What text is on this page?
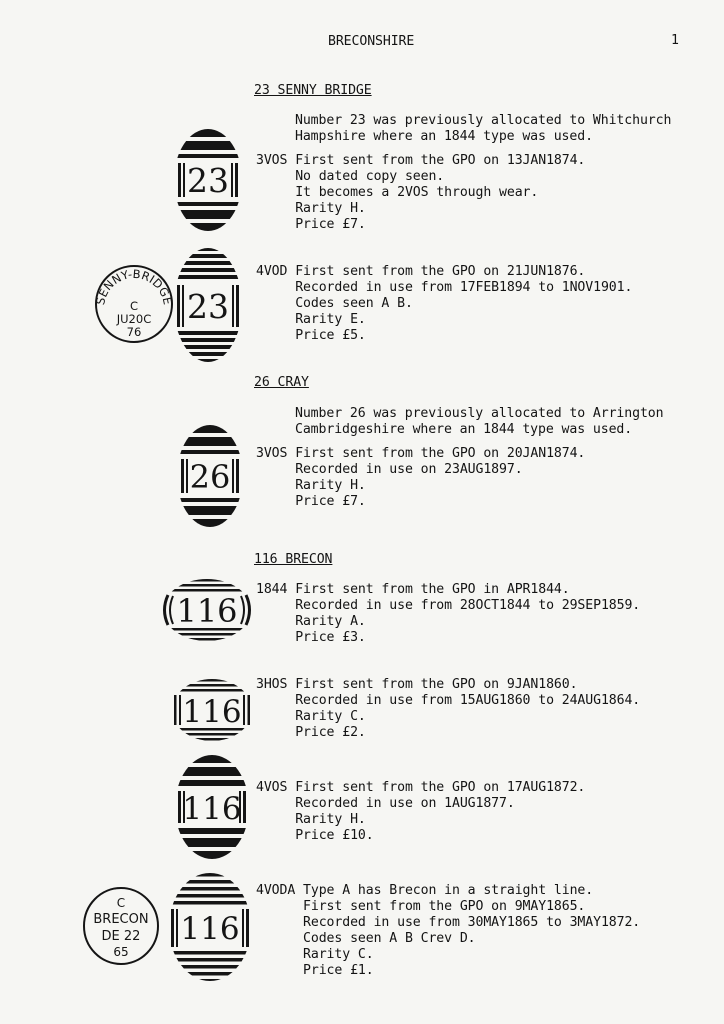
BRECONSHIRE	1
23 SENNY BRIDGE
Number 23 was previously allocated to Whitchurch
Hampshire where an 1844 type was used.
23
3VOS First sent from the GPO on 13JAN1874.
No dated copy seen.
It becomes a 2VOS through wear.
Rarity H.
Price £7.
SENNY-BRIDGE
C
JU20C
76
23
4VOD First sent from the GPO on 21JUN1876.
Recorded in use from 17FEB1894 to 1NOV1901.
Codes seen A B.
Rarity E.
Price £5.
26 CRAY
Number 26 was previously allocated to Arrington
Cambridgeshire where an 1844 type was used.
26
3VOS First sent from the GPO on 20JAN1874.
Recorded in use on 23AUG1897.
Rarity H.
Price £7.
116 BRECON
116
1844 First sent from the GPO in APR1844.
Recorded in use from 28OCT1844 to 29SEP1859.
Rarity A.
Price £3.
116
3HOS First sent from the GPO on 9JAN1860.
Recorded in use from 15AUG1860 to 24AUG1864.
Rarity C.
Price £2.
116
4VOS First sent from the GPO on 17AUG1872.
Recorded in use on 1AUG1877.
Rarity H.
Price £10.
C
BRECON
DE 22
65
116
4VODA Type A has Brecon in a straight line.
First sent from the GPO on 9MAY1865.
Recorded in use from 30MAY1865 to 3MAY1872.
Codes seen A B Crev D.
Rarity C.
Price £1.
